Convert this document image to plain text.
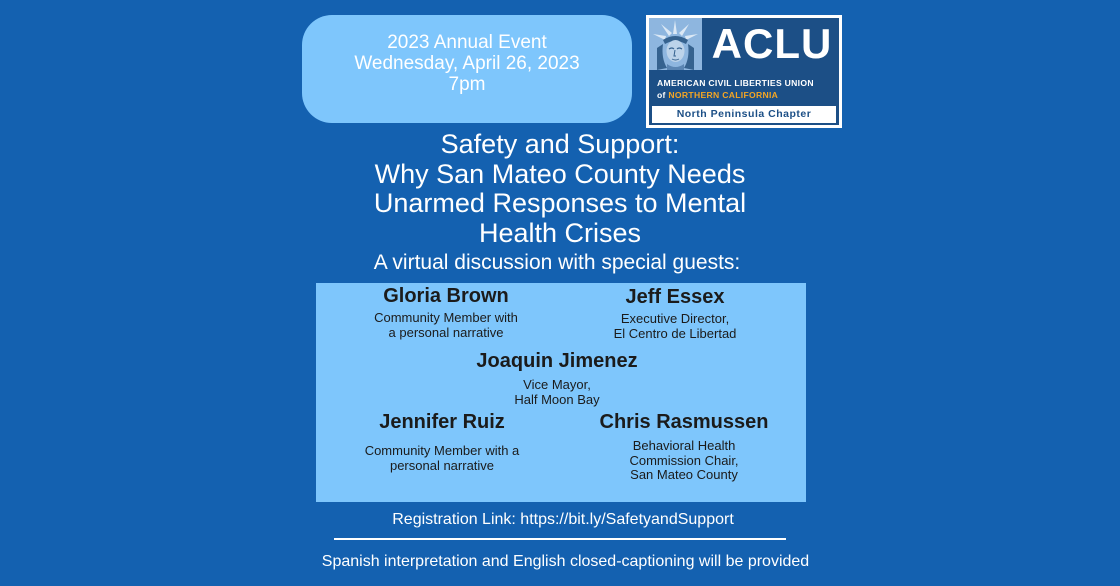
2023 Annual Event
Wednesday, April 26, 2023
7pm
ACLU
AMERICAN CIVIL LIBERTIES UNION
of NORTHERN CALIFORNIA
North Peninsula Chapter
Safety and Support:
Why San Mateo County Needs
Unarmed Responses to Mental
Health Crises
A virtual discussion with special guests:
Gloria Brown
Community Member with
a personal narrative
Jeff Essex
Executive Director,
El Centro de Libertad
Joaquin Jimenez
Vice Mayor,
Half Moon Bay
Jennifer Ruiz
Community Member with a
personal narrative
Chris Rasmussen
Behavioral Health
Commission Chair,
San Mateo County
Registration Link: https://bit.ly/SafetyandSupport
Spanish interpretation and English closed-captioning will be provided
